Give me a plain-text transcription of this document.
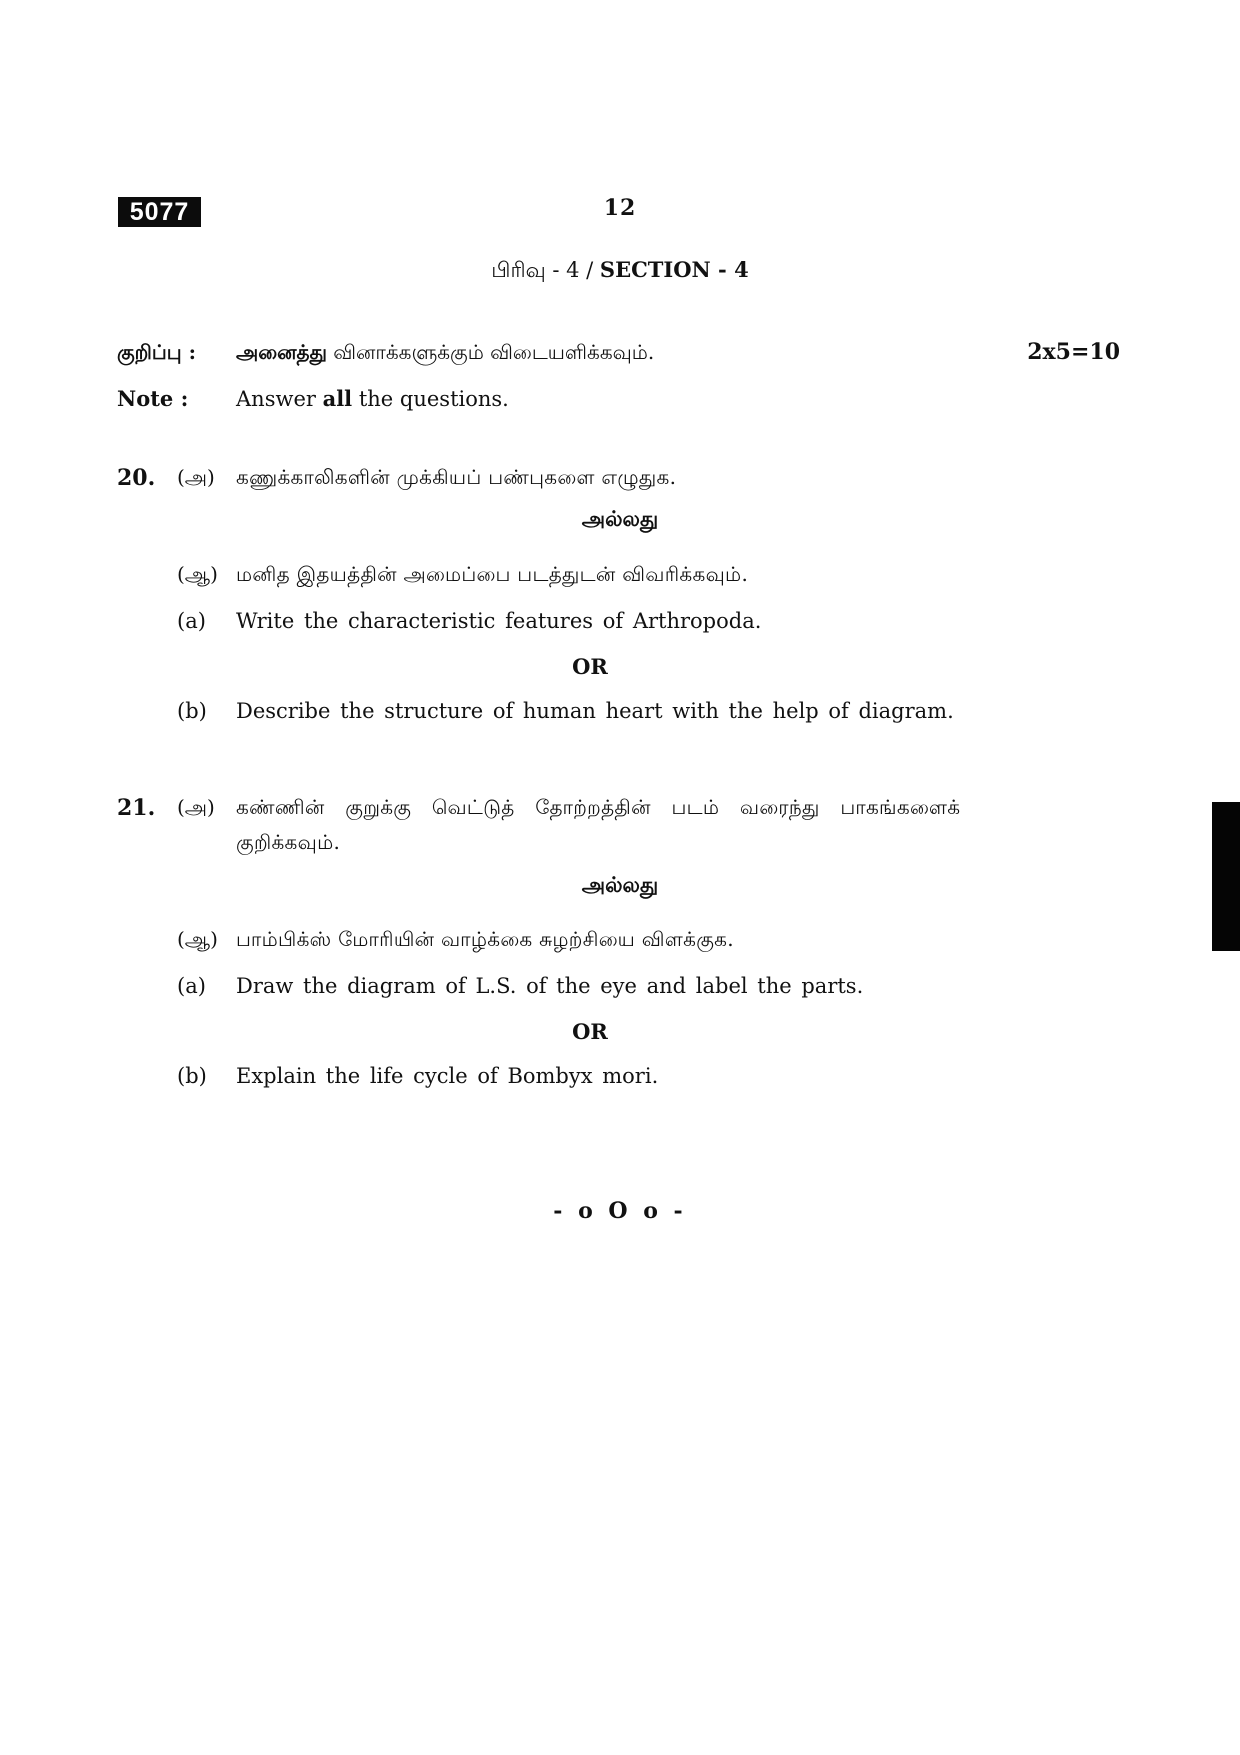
5077	12
பிரிவு - 4 / SECTION - 4
குறிப்பு : அனைத்து வினாக்களுக்கும் விடையளிக்கவும்.	2x5=10
Note : Answer all the questions.
20. (அ) கணுக்காலிகளின் முக்கியப் பண்புகளை எழுதுக.
அல்லது
(ஆ) மனித இதயத்தின் அமைப்பை படத்துடன் விவரிக்கவும்.
(a) Write the characteristic features of Arthropoda.
OR
(b) Describe the structure of human heart with the help of diagram.
21. (அ) கண்ணின் குறுக்கு வெட்டுத் தோற்றத்தின் படம் வரைந்து பாகங்களைக்
குறிக்கவும்.
அல்லது
(ஆ) பாம்பிக்ஸ் மோரியின் வாழ்க்கை சுழற்சியை விளக்குக.
(a) Draw the diagram of L.S. of the eye and label the parts.
OR
(b) Explain the life cycle of Bombyx mori.
- o O o -
